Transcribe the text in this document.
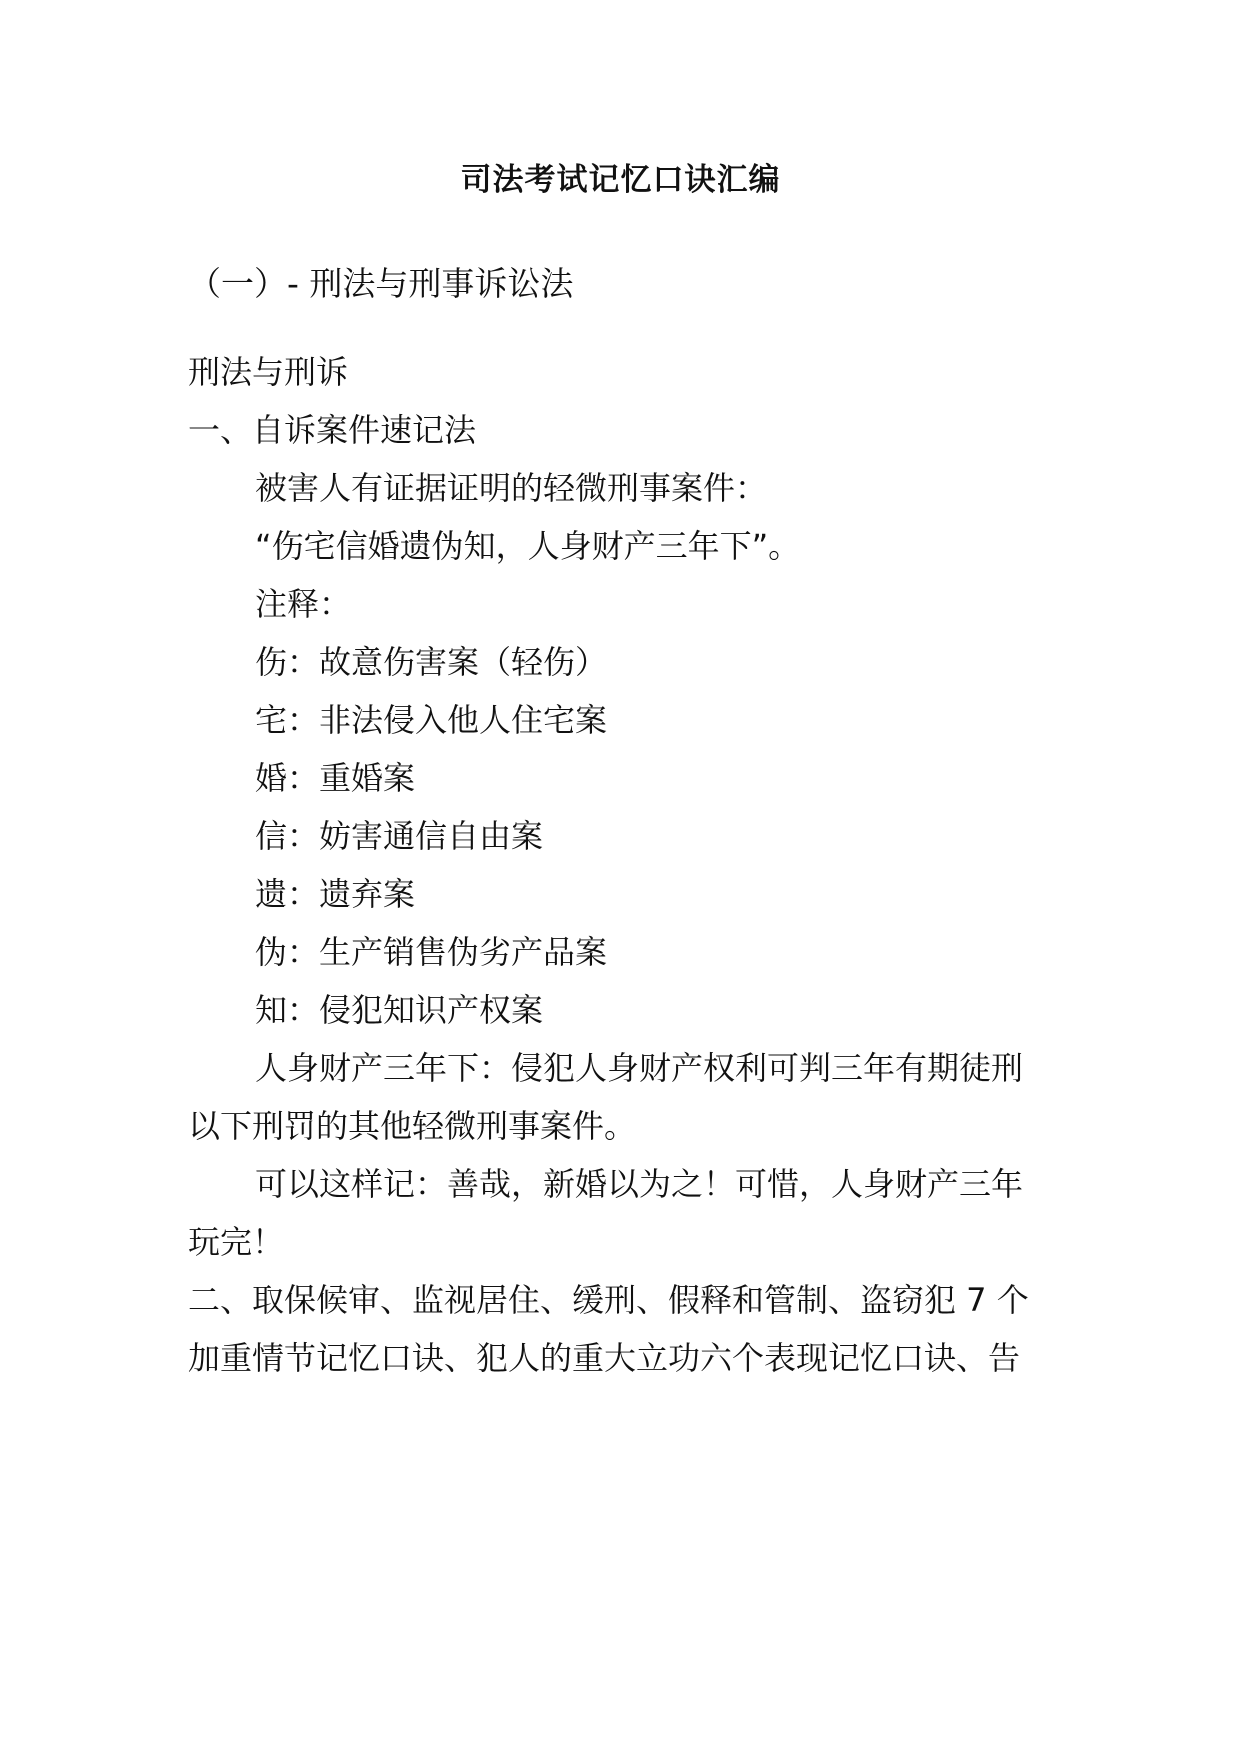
司法考试记忆口诀汇编
（一）- 刑法与刑事诉讼法
刑法与刑诉
一、自诉案件速记法
被害人有证据证明的轻微刑事案件：
“伤宅信婚遗伪知，人身财产三年下”。
注释：
伤：故意伤害案（轻伤）
宅：非法侵入他人住宅案
婚：重婚案
信：妨害通信自由案
遗：遗弃案
伪：生产销售伪劣产品案
知：侵犯知识产权案
人身财产三年下：侵犯人身财产权利可判三年有期徒刑
以下刑罚的其他轻微刑事案件。
可以这样记：善哉，新婚以为之！可惜，人身财产三年
玩完！
二、取保候审、监视居住、缓刑、假释和管制、盗窃犯 7 个
加重情节记忆口诀、犯人的重大立功六个表现记忆口诀、告
